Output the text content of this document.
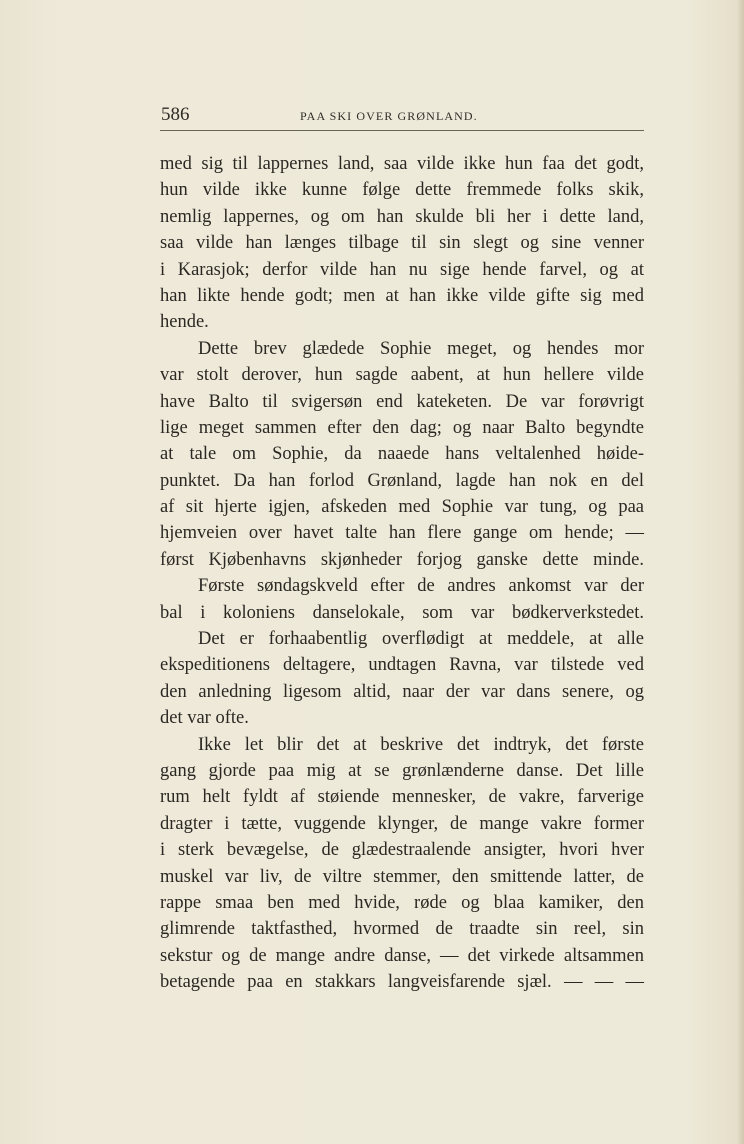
586	PAA SKI OVER GRØNLAND.
med sig til lappernes land, saa vilde ikke hun faa det godt,
hun vilde ikke kunne følge dette fremmede folks skik,
nemlig lappernes, og om han skulde bli her i dette land,
saa vilde han længes tilbage til sin slegt og sine venner
i Karasjok; derfor vilde han nu sige hende farvel, og at
han likte hende godt; men at han ikke vilde gifte sig med
hende.
Dette brev glædede Sophie meget, og hendes mor
var stolt derover, hun sagde aabent, at hun hellere vilde
have Balto til svigersøn end kateketen. De var forøvrigt
lige meget sammen efter den dag; og naar Balto begyndte
at tale om Sophie, da naaede hans veltalenhed høide-
punktet. Da han forlod Grønland, lagde han nok en del
af sit hjerte igjen, afskeden med Sophie var tung, og paa
hjemveien over havet talte han flere gange om hende; —
først Kjøbenhavns skjønheder forjog ganske dette minde.
Første søndagskveld efter de andres ankomst var der
bal i koloniens danselokale, som var bødkerverkstedet.
Det er forhaabentlig overflødigt at meddele, at alle
ekspeditionens deltagere, undtagen Ravna, var tilstede ved
den anledning ligesom altid, naar der var dans senere, og
det var ofte.
Ikke let blir det at beskrive det indtryk, det første
gang gjorde paa mig at se grønlænderne danse. Det lille
rum helt fyldt af støiende mennesker, de vakre, farverige
dragter i tætte, vuggende klynger, de mange vakre former
i sterk bevægelse, de glædestraalende ansigter, hvori hver
muskel var liv, de viltre stemmer, den smittende latter, de
rappe smaa ben med hvide, røde og blaa kamiker, den
glimrende taktfasthed, hvormed de traadte sin reel, sin
sekstur og de mange andre danse, — det virkede altsammen
betagende paa en stakkars langveisfarende sjæl. — — —
